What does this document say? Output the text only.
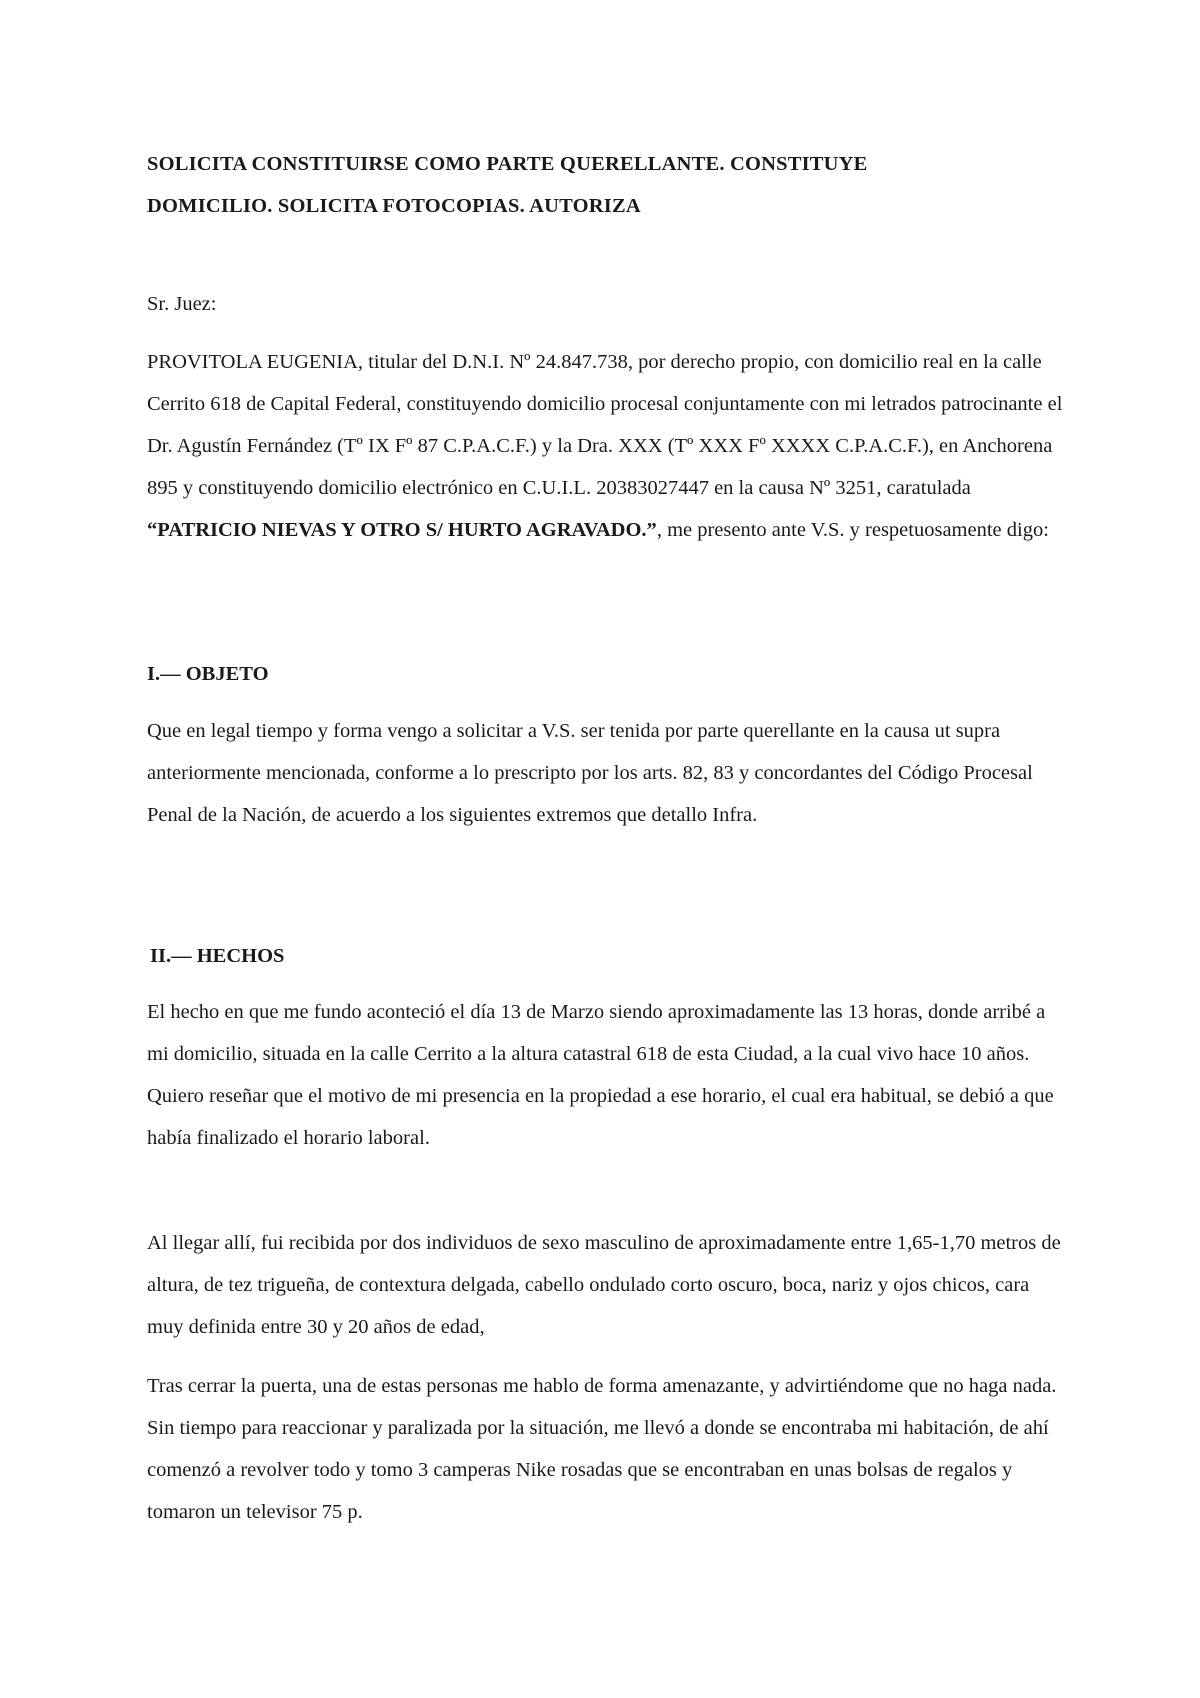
SOLICITA CONSTITUIRSE COMO PARTE QUERELLANTE. CONSTITUYE
DOMICILIO. SOLICITA FOTOCOPIAS. AUTORIZA

Sr. Juez:

PROVITOLA EUGENIA, titular del D.N.I. Nº 24.847.738, por derecho propio, con domicilio real en la calle Cerrito 618 de Capital Federal, constituyendo domicilio procesal conjuntamente con mi letrados patrocinante el Dr. Agustín Fernández (Tº IX Fº 87 C.P.A.C.F.) y la Dra. XXX (Tº XXX Fº XXXX C.P.A.C.F.), en Anchorena 895 y constituyendo domicilio electrónico en C.U.I.L. 20383027447 en la causa Nº 3251, caratulada “PATRICIO NIEVAS Y OTRO S/ HURTO AGRAVADO.”, me presento ante V.S. y respetuosamente digo:

I.— OBJETO

Que en legal tiempo y forma vengo a solicitar a V.S. ser tenida por parte querellante en la causa ut supra anteriormente mencionada, conforme a lo prescripto por los arts. 82, 83 y concordantes del Código Procesal Penal de la Nación, de acuerdo a los siguientes extremos que detallo Infra.

II.— HECHOS

El hecho en que me fundo aconteció el día 13 de Marzo siendo aproximadamente las 13 horas, donde arribé a mi domicilio, situada en la calle Cerrito a la altura catastral 618 de esta Ciudad, a la cual vivo hace 10 años. Quiero reseñar que el motivo de mi presencia en la propiedad a ese horario, el cual era habitual, se debió a que había finalizado el horario laboral.

Al llegar allí, fui recibida por dos individuos de sexo masculino de aproximadamente entre 1,65-1,70 metros de altura, de tez trigueña, de contextura delgada, cabello ondulado corto oscuro, boca, nariz y ojos chicos, cara muy definida entre 30 y 20 años de edad,

Tras cerrar la puerta, una de estas personas me hablo de forma amenazante, y advirtiéndome que no haga nada. Sin tiempo para reaccionar y paralizada por la situación, me llevó a donde se encontraba mi habitación, de ahí comenzó a revolver todo y tomo 3 camperas Nike rosadas que se encontraban en unas bolsas de regalos y tomaron un televisor 75 p.
